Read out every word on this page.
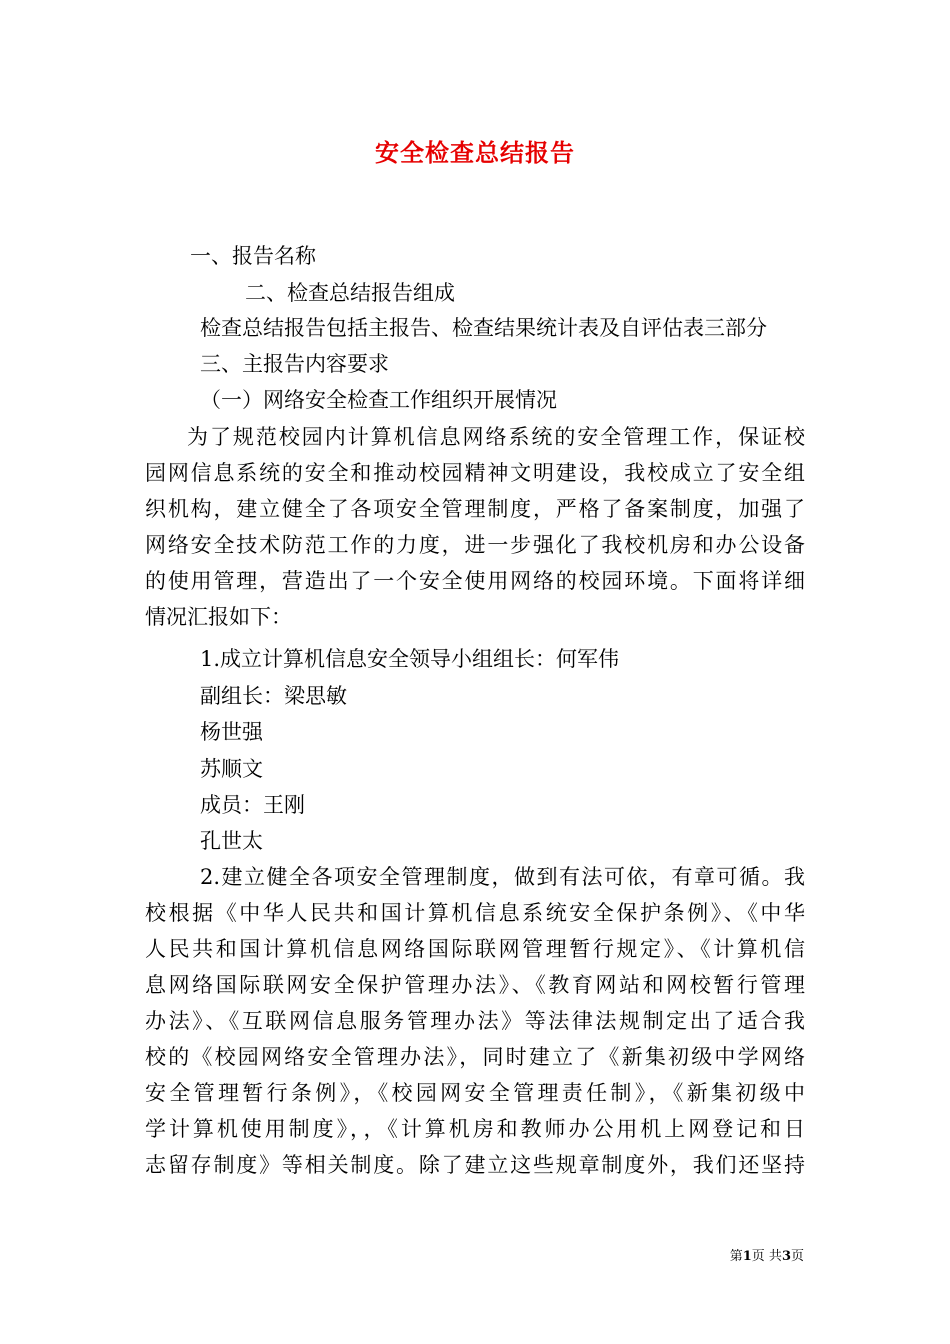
安全检查总结报告
一、报告名称
二、检查总结报告组成
检查总结报告包括主报告、检查结果统计表及自评估表三部分
三、主报告内容要求
（一）网络安全检查工作组织开展情况
为了规范校园内计算机信息网络系统的安全管理工作，保证校
园网信息系统的安全和推动校园精神文明建设，我校成立了安全组
织机构，建立健全了各项安全管理制度，严格了备案制度，加强了
网络安全技术防范工作的力度，进一步强化了我校机房和办公设备
的使用管理，营造出了一个安全使用网络的校园环境。下面将详细
情况汇报如下：
1.成立计算机信息安全领导小组组长：何军伟
副组长：梁思敏
杨世强
苏顺文
成员：王刚
孔世太
2.建立健全各项安全管理制度，做到有法可依，有章可循。我
校根据《中华人民共和国计算机信息系统安全保护条例》、《中华
人民共和国计算机信息网络国际联网管理暂行规定》、《计算机信
息网络国际联网安全保护管理办法》、《教育网站和网校暂行管理
办法》、《互联网信息服务管理办法》等法律法规制定出了适合我
校的《校园网络安全管理办法》，同时建立了《新集初级中学网络
安全管理暂行条例》，《校园网安全管理责任制》，《新集初级中
学计算机使用制度》，，《计算机房和教师办公用机上网登记和日
志留存制度》等相关制度。除了建立这些规章制度外，我们还坚持
第1页 共3页
